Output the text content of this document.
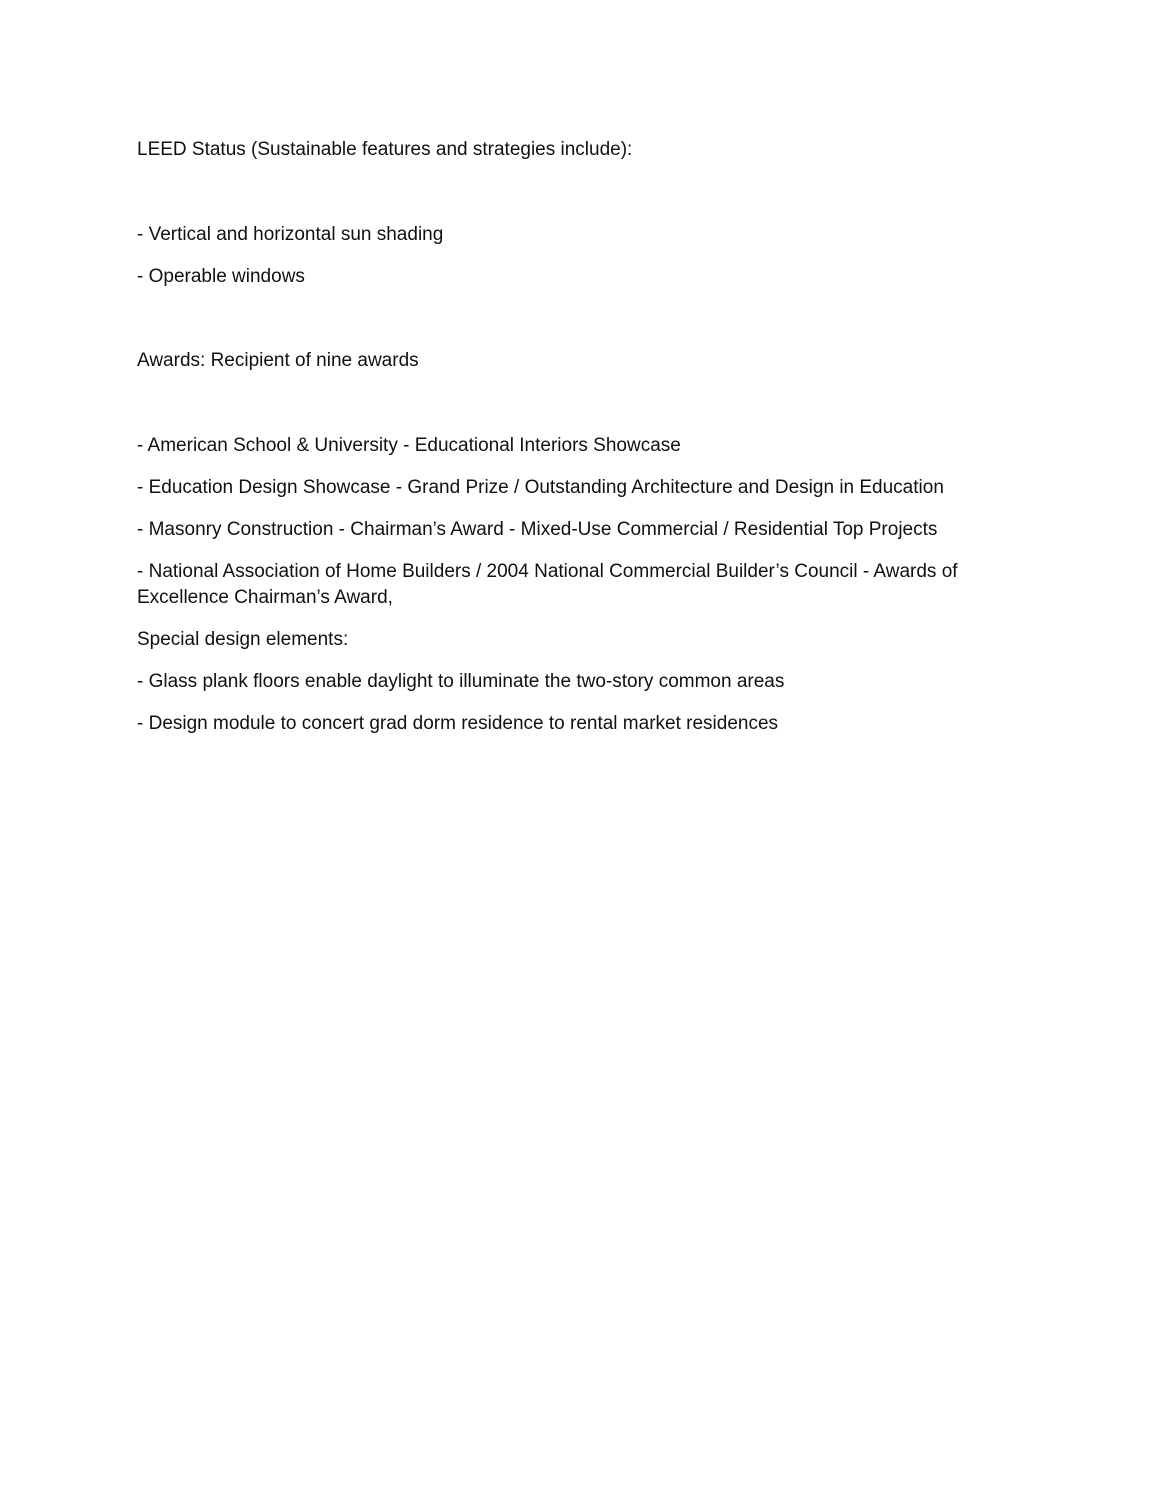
LEED Status (Sustainable features and strategies include):

- Vertical and horizontal sun shading

- Operable windows

Awards: Recipient of nine awards

- American School & University - Educational Interiors Showcase

- Education Design Showcase - Grand Prize / Outstanding Architecture and Design in Education

- Masonry Construction - Chairman’s Award - Mixed-Use Commercial / Residential Top Projects

- National Association of Home Builders / 2004 National Commercial Builder’s Council - Awards of Excellence Chairman’s Award,

Special design elements:

- Glass plank floors enable daylight to illuminate the two-story common areas

- Design module to concert grad dorm residence to rental market residences
